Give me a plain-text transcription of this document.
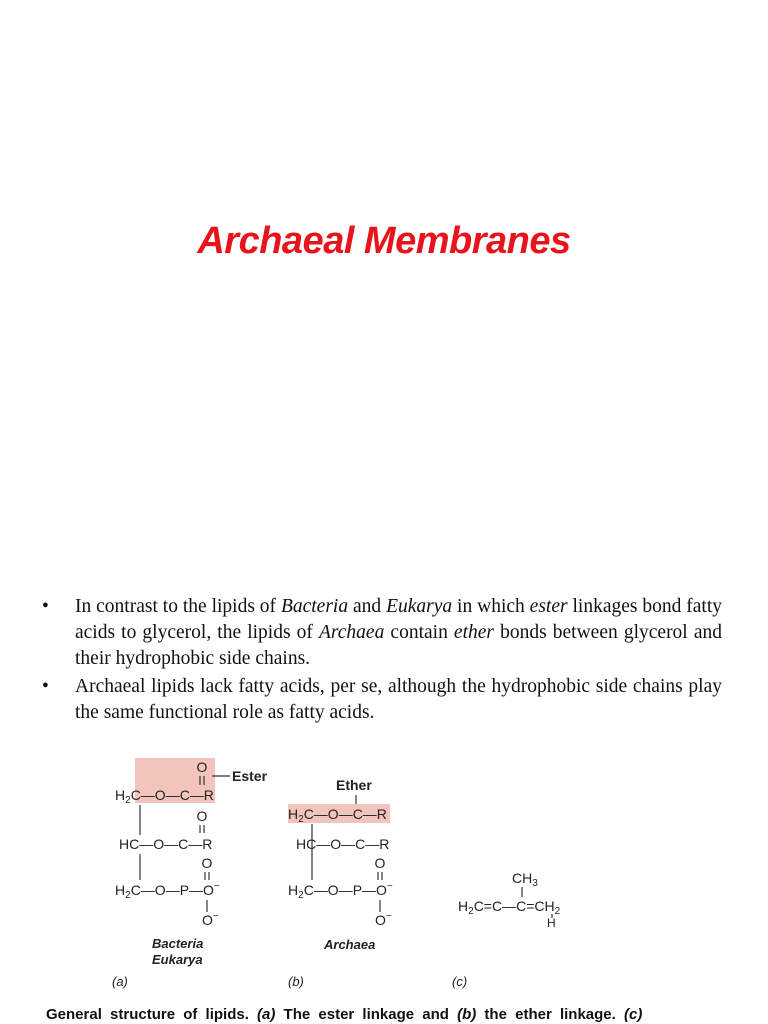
Archaeal Membranes
• In contrast to the lipids of Bacteria and Eukarya in which ester linkages bond fatty acids to glycerol, the lipids of Archaea contain ether bonds between glycerol and their hydrophobic side chains.
• Archaeal lipids lack fatty acids, per se, although the hydrophobic side chains play the same functional role as fatty acids.
O
Ester
$H_2C—O—C—R$
O
HC—O—C—R
O
$H_2C—O—P—O^-$
O−
Bacteria
Eukarya
(a)
Ether
$H_2C—O—C—R$
HC—O—C—R
O
$H_2C—O—P—O^-$
O−
Archaea
(b)
$CH_3$
$H_2C=C—C=CH_2$
H
(c)
General structure of lipids. (a) The ester linkage and (b) the ether linkage. (c)
